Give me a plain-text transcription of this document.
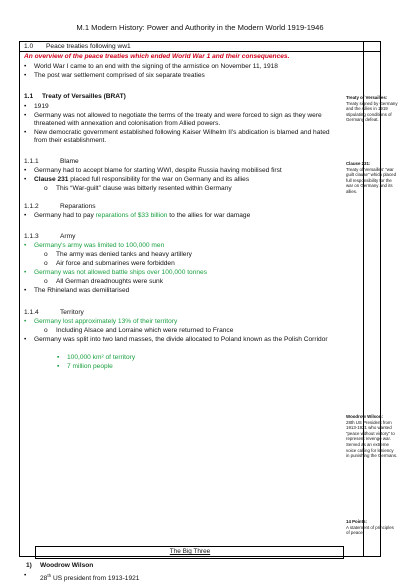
M.1 Modern History: Power and Authority in the Modern World 1919-1946
1.0 Peace treaties following ww1
An overview of the peace treaties which ended World War 1 and their consequences.
• World War I came to an end with the signing of the armistice on November 11, 1918
• The post war settlement comprised of six separate treaties
1.1 Treaty of Versailles (BRAT)
• 1919
• Germany was not allowed to negotiate the terms of the treaty and were forced to sign as they were threatened with annexation and colonisation from Allied powers.
• New democratic government established following Kaiser Wilhelm II's abdication is blamed and hated from their establishment.
1.1.1	Blame
• Germany had to accept blame for starting WWI, despite Russia having mobilised first
• Clause 231 placed full responsibility for the war on Germany and its allies
o This “War-guilt” clause was bitterly resented within Germany
1.1.2	Reparations
• Germany had to pay reparations of $33 billion to the allies for war damage
1.1.3	Army
• Germany's army was limited to 100,000 men
o The army was denied tanks and heavy artillery
o Air force and submarines were forbidden
• Germany was not allowed battle ships over 100,000 tonnes
o All German dreadnoughts were sunk
• The Rhineland was demilitarised
1.1.4	Territory
• Germany lost approximately 13% of their territory
o Including Alsace and Lorraine which were returned to France
• Germany was split into two land masses, the divide allocated to Poland known as the Polish Corridor
▪ 100,000 km² of territory
▪ 7 million people
The Big Three
1) Woodrow Wilson
• 28th US president from 1913-1921
Treaty of Versailles:
Treaty signed by Germany and the Allies in 1919 stipulating conditions of Germany defeat.
Clause 231:
Treaty of Versailles' “war guilt clause” which placed full responsibility for the war on Germany and its allies.
Woodrow Wilson:
28th US President from 1913-1921 who wanted “peace without victory” to represent revenge war. Served as an extreme voice calling for leniency in punishing the Germans.
14 Points:
A statement of principles of peace
